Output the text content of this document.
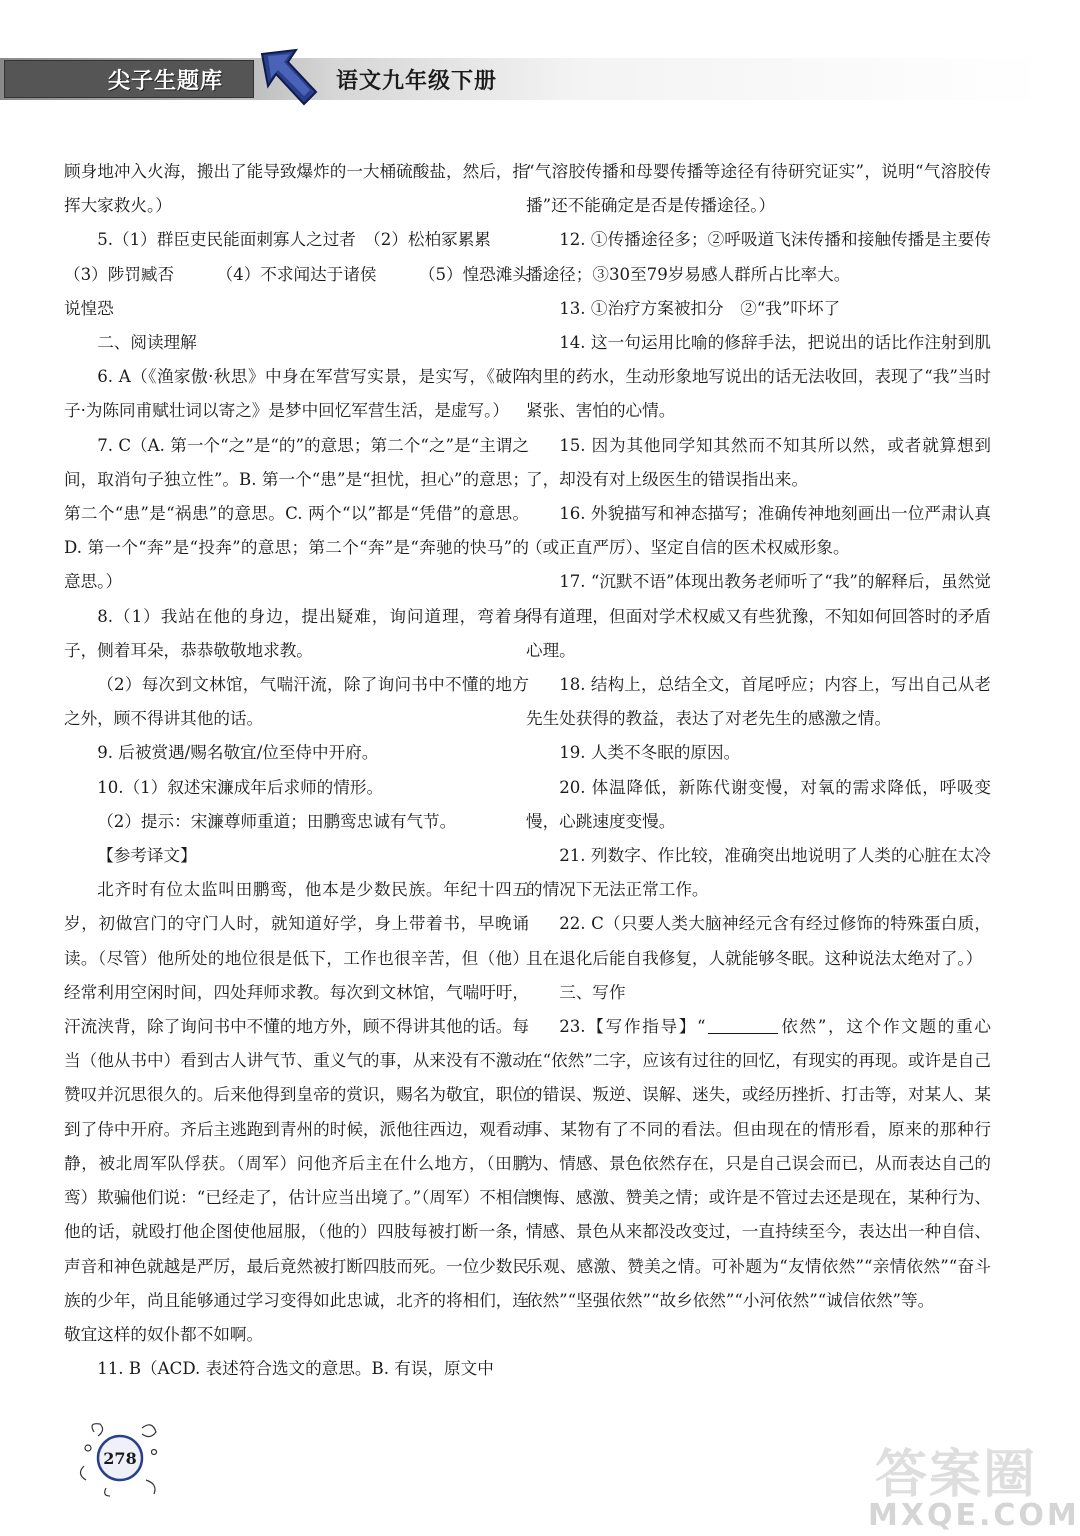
尖子生题库	语文九年级下册

顾身地冲入火海，搬出了能导致爆炸的一大桶硫酸盐，然后，指挥大家救火。）

5.（1）群臣吏民能面刺寡人之过者　（2）松柏冢累累

（3）陟罚臧否	（4）不求闻达于诸侯	（5）惶恐滩头

说惶恐

二、阅读理解

6. A（《渔家傲·秋思》中身在军营写实景，是实写，《破阵子·为陈同甫赋壮词以寄之》是梦中回忆军营生活，是虚写。）

7. C（A. 第一个“之”是“的”的意思；第二个“之”是“主谓之间，取消句子独立性”。B. 第一个“患”是“担忧，担心”的意思；第二个“患”是“祸患”的意思。C. 两个“以”都是“凭借”的意思。D. 第一个“奔”是“投奔”的意思；第二个“奔”是“奔驰的快马”的意思。）

8.（1）我站在他的身边，提出疑难，询问道理，弯着身子，侧着耳朵，恭恭敬敬地求教。

（2）每次到文林馆，气喘汗流，除了询问书中不懂的地方之外，顾不得讲其他的话。

9. 后被赏遇/赐名敬宜/位至侍中开府。

10.（1）叙述宋濂成年后求师的情形。

（2）提示：宋濂尊师重道；田鹏鸾忠诚有气节。

【参考译文】

北齐时有位太监叫田鹏鸾，他本是少数民族。年纪十四五岁，初做宫门的守门人时，就知道好学，身上带着书，早晚诵读。（尽管）他所处的地位很是低下，工作也很辛苦，但（他）经常利用空闲时间，四处拜师求教。每次到文林馆，气喘吁吁，汗流浃背，除了询问书中不懂的地方外，顾不得讲其他的话。每当（他从书中）看到古人讲气节、重义气的事，从来没有不激动赞叹并沉思很久的。后来他得到皇帝的赏识，赐名为敬宜，职位到了侍中开府。齐后主逃跑到青州的时候，派他往西边，观看动静，被北周军队俘获。（周军）问他齐后主在什么地方，（田鹏鸾）欺骗他们说：“已经走了，估计应当出境了。”（周军）不相信他的话，就殴打他企图使他屈服，（他的）四肢每被打断一条，声音和神色就越是严厉，最后竟然被打断四肢而死。一位少数民族的少年，尚且能够通过学习变得如此忠诚，北齐的将相们，连敬宜这样的奴仆都不如啊。

11. B（ACD. 表述符合选文的意思。B. 有误，原文中

“气溶胶传播和母婴传播等途径有待研究证实”，说明“气溶胶传播”还不能确定是否是传播途径。）

12. ①传播途径多；②呼吸道飞沫传播和接触传播是主要传播途径；③30至79岁易感人群所占比率大。

13. ①治疗方案被扣分　②“我”吓坏了

14. 这一句运用比喻的修辞手法，把说出的话比作注射到肌肉里的药水，生动形象地写说出的话无法收回，表现了“我”当时紧张、害怕的心情。

15. 因为其他同学知其然而不知其所以然，或者就算想到了，却没有对上级医生的错误指出来。

16. 外貌描写和神态描写；准确传神地刻画出一位严肃认真（或正直严厉）、坚定自信的医术权威形象。

17. “沉默不语”体现出教务老师听了“我”的解释后，虽然觉得有道理，但面对学术权威又有些犹豫，不知如何回答时的矛盾心理。

18. 结构上，总结全文，首尾呼应；内容上，写出自己从老先生处获得的教益，表达了对老先生的感激之情。

19. 人类不冬眠的原因。

20. 体温降低，新陈代谢变慢，对氧的需求降低，呼吸变慢，心跳速度变慢。

21. 列数字、作比较，准确突出地说明了人类的心脏在太冷的情况下无法正常工作。

22. C（只要人类大脑神经元含有经过修饰的特殊蛋白质，且在退化后能自我修复，人就能够冬眠。这种说法太绝对了。）

三、写作

23.【写作指导】“	依然”，这个作文题的重心在“依然”二字，应该有过往的回忆，有现实的再现。或许是自己的错误、叛逆、误解、迷失，或经历挫折、打击等，对某人、某事、某物有了不同的看法。但由现在的情形看，原来的那种行为、情感、景色依然存在，只是自己误会而已，从而表达自己的懊悔、感激、赞美之情；或许是不管过去还是现在，某种行为、情感、景色从来都没改变过，一直持续至今，表达出一种自信、乐观、感激、赞美之情。可补题为“友情依然”“亲情依然”“奋斗依然”“坚强依然”“故乡依然”“小河依然”“诚信依然”等。

278	答案圈
MXQE.COM
